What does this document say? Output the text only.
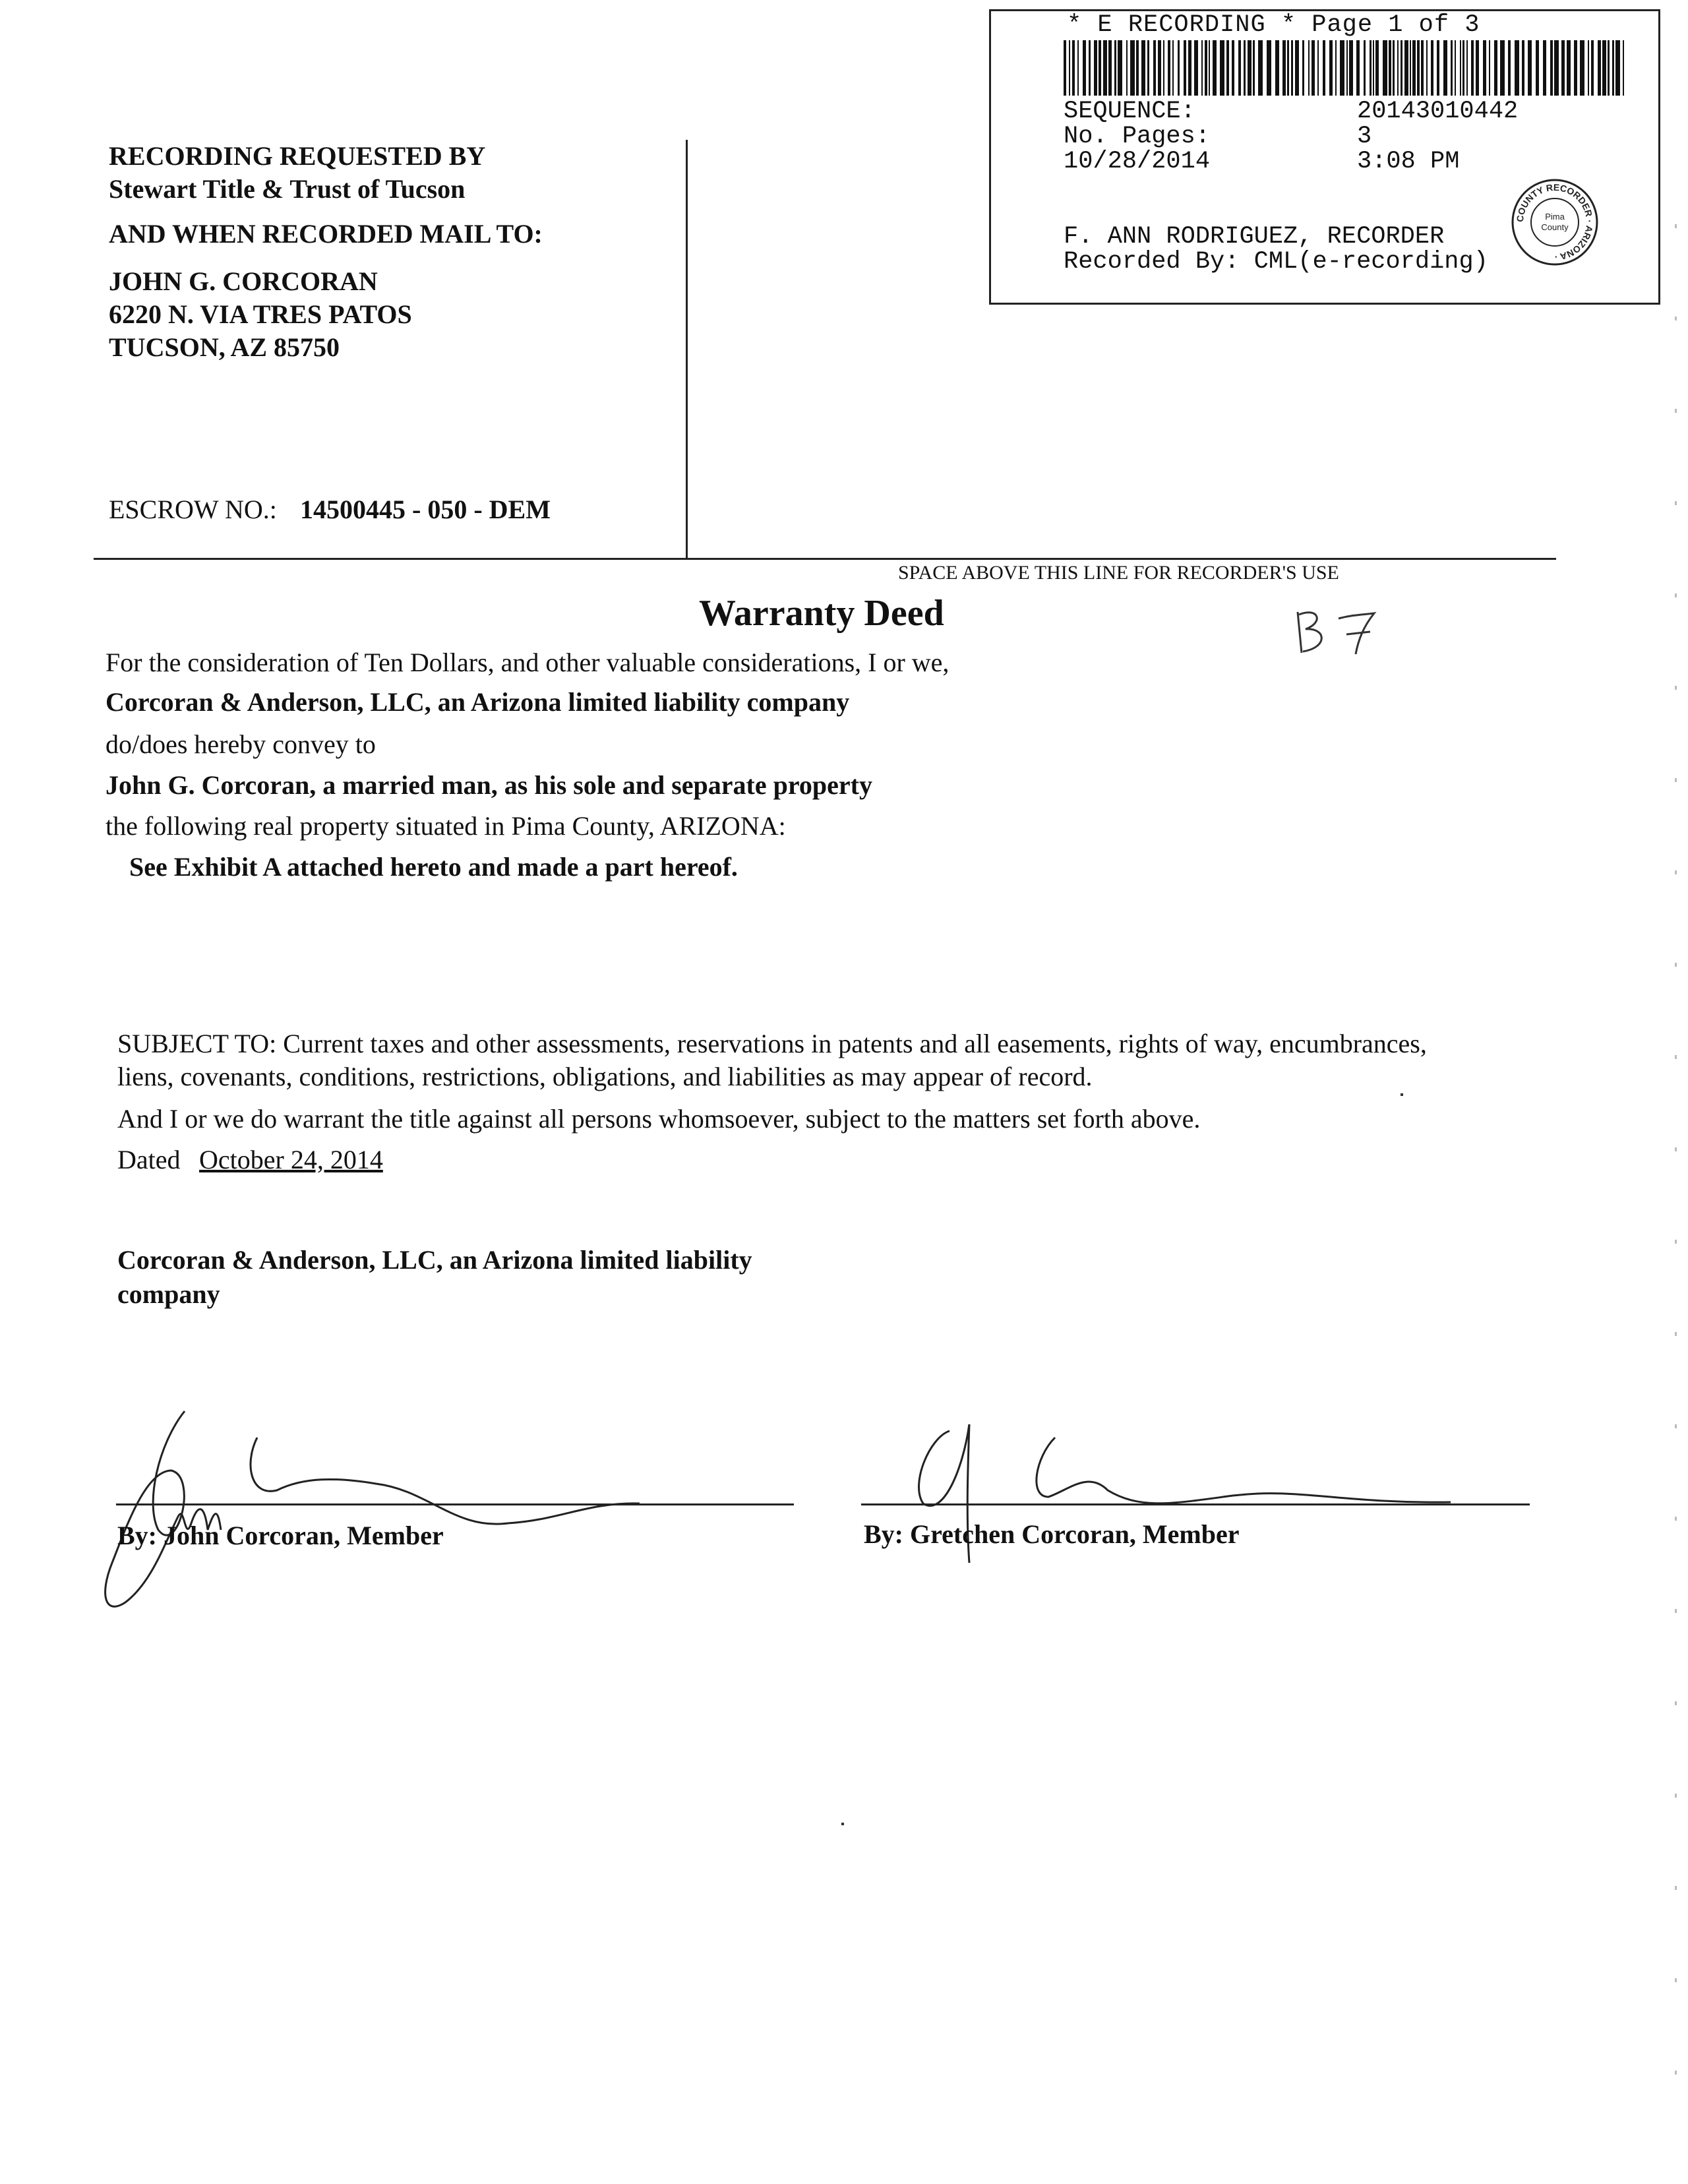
* E RECORDING * Page 1 of 3
SEQUENCE:	20143010442
No. Pages:	3
10/28/2014	3:08 PM
F. ANN RODRIGUEZ, RECORDER
Recorded By: CML(e-recording)
COUNTY RECORDER · ARIZONA ·
Pima
County
RECORDING REQUESTED BY
Stewart Title & Trust of Tucson
AND WHEN RECORDED MAIL TO:
JOHN G. CORCORAN
6220 N. VIA TRES PATOS
TUCSON, AZ 85750
ESCROW NO.: 14500445 - 050 - DEM
SPACE ABOVE THIS LINE FOR RECORDER'S USE
Warranty Deed
For the consideration of Ten Dollars, and other valuable considerations, I or we,
Corcoran & Anderson, LLC, an Arizona limited liability company
do/does hereby convey to
John G. Corcoran, a married man, as his sole and separate property
the following real property situated in Pima County, ARIZONA:
See Exhibit A attached hereto and made a part hereof.
SUBJECT TO: Current taxes and other assessments, reservations in patents and all easements, rights of way, encumbrances,
liens, covenants, conditions, restrictions, obligations, and liabilities as may appear of record.
And I or we do warrant the title against all persons whomsoever, subject to the matters set forth above.
Dated October 24, 2014
Corcoran & Anderson, LLC, an Arizona limited liability
company
By: John Corcoran, Member	By: Gretchen Corcoran, Member
